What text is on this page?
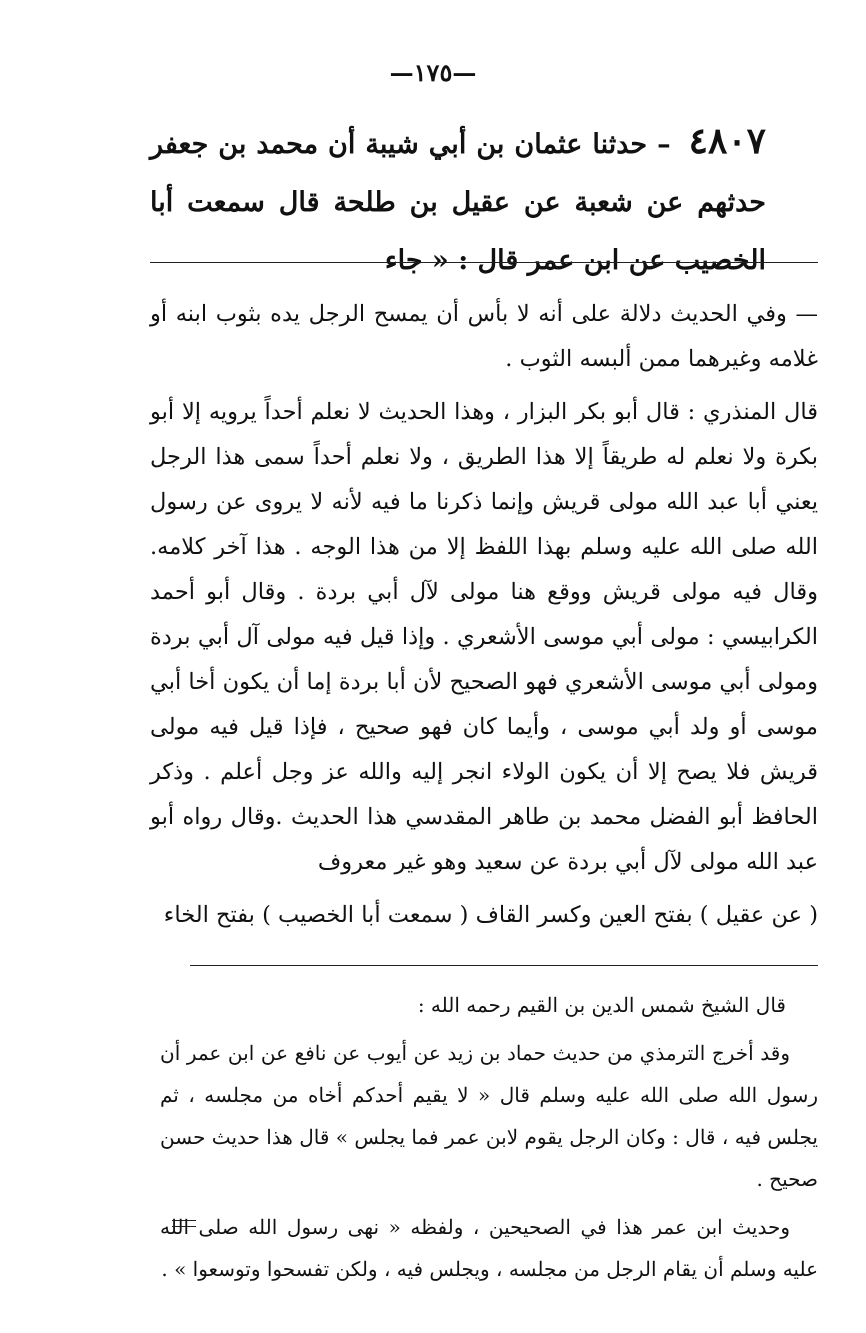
—١٧٥—
٤٨٠٧ – حدثنا عثمان بن أبي شيبة أن محمد بن جعفر حدثهم عن شعبة عن عقيل بن طلحة قال سمعت أبا الخصيب عن ابن عمر قال : « جاء

— وفي الحديث دلالة على أنه لا بأس أن يمسح الرجل يده بثوب ابنه أو غلامه وغيرهما ممن ألبسه الثوب .

قال المنذري : قال أبو بكر البزار ، وهذا الحديث لا نعلم أحداً يرويه إلا أبو بكرة ولا نعلم له طريقاً إلا هذا الطريق ، ولا نعلم أحداً سمى هذا الرجل يعني أبا عبد الله مولى قريش وإنما ذكرنا ما فيه لأنه لا يروى عن رسول الله صلى الله عليه وسلم بهذا اللفظ إلا من هذا الوجه . هذا آخر كلامه. وقال فيه مولى قريش ووقع هنا مولى لآل أبي بردة . وقال أبو أحمد الكرابيسي : مولى أبي موسى الأشعري . وإذا قيل فيه مولى آل أبي بردة ومولى أبي موسى الأشعري فهو الصحيح لأن أبا بردة إما أن يكون أخا أبي موسى أو ولد أبي موسى ، وأيما كان فهو صحيح ، فإذا قيل فيه مولى قريش فلا يصح إلا أن يكون الولاء انجر إليه والله عز وجل أعلم . وذكر الحافظ أبو الفضل محمد بن طاهر المقدسي هذا الحديث .وقال رواه أبو عبد الله مولى لآل أبي بردة عن سعيد وهو غير معروف

( عن عقيل ) بفتح العين وكسر القاف ( سمعت أبا الخصيب ) بفتح الخاء

قال الشيخ شمس الدين بن القيم رحمه الله :

وقد أخرج الترمذي من حديث حماد بن زيد عن أيوب عن نافع عن ابن عمر أن رسول الله صلى الله عليه وسلم قال « لا يقيم أحدكم أخاه من مجلسه ، ثم يجلس فيه ، قال : وكان الرجل يقوم لابن عمر فما يجلس » قال هذا حديث حسن صحيح .

وحديث ابن عمر هذا في الصحيحين ، ولفظه « نهى رسول الله صلى الله عليه وسلم أن يقام الرجل من مجلسه ، ويجلس فيه ، ولكن تفسحوا وتوسعوا » .
